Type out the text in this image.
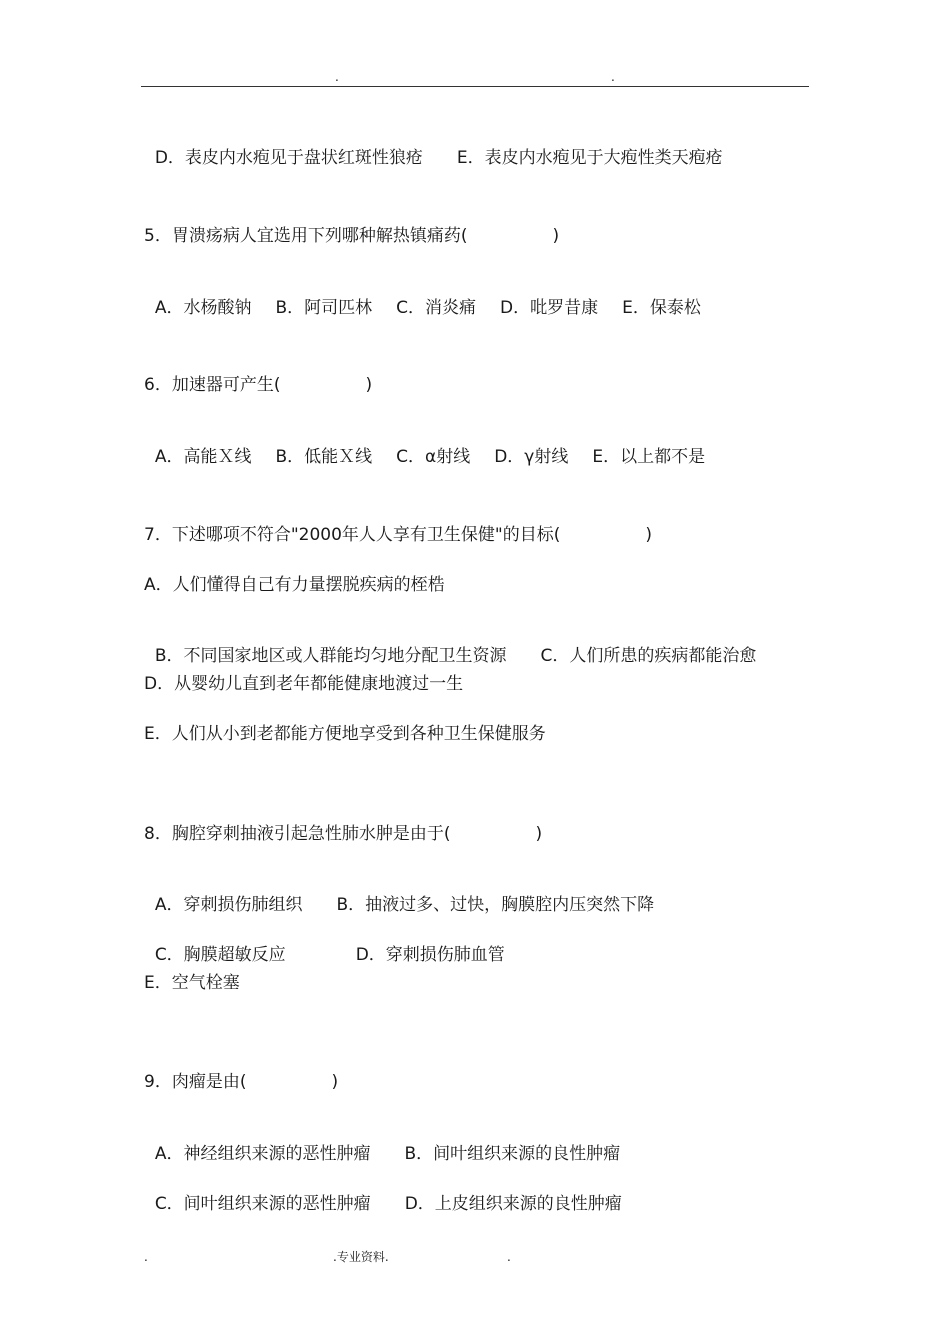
.	.

D．表皮内水疱见于盘状红斑性狼疮 E．表皮内水疱见于大疱性类天疱疮

5．胃溃疡病人宜选用下列哪种解热镇痛药(　　　　　)

A．水杨酸钠 B．阿司匹林 C．消炎痛 D．吡罗昔康 E．保泰松

6．加速器可产生(　　　　　)

A．高能Ｘ线 B．低能Ｘ线 C．α射线 D．γ射线 E．以上都不是

7．下述哪项不符合"2000年人人享有卫生保健"的目标(　　　　　)
A．人们懂得自己有力量摆脱疾病的桎梏

B．不同国家地区或人群能均匀地分配卫生资源 C．人们所患的疾病都能治愈

D．从婴幼儿直到老年都能健康地渡过一生
E．人们从小到老都能方便地享受到各种卫生保健服务
8．胸腔穿刺抽液引起急性肺水肿是由于(　　　　　)

A．穿刺损伤肺组织 B．抽液过多、过快，胸膜腔内压突然下降

C．胸膜超敏反应	D．穿刺损伤肺血管

E．空气栓塞
9．肉瘤是由(　　　　　)

A．神经组织来源的恶性肿瘤 B．间叶组织来源的良性肿瘤

C．间叶组织来源的恶性肿瘤 D．上皮组织来源的良性肿瘤

.	.专业资料.	.
